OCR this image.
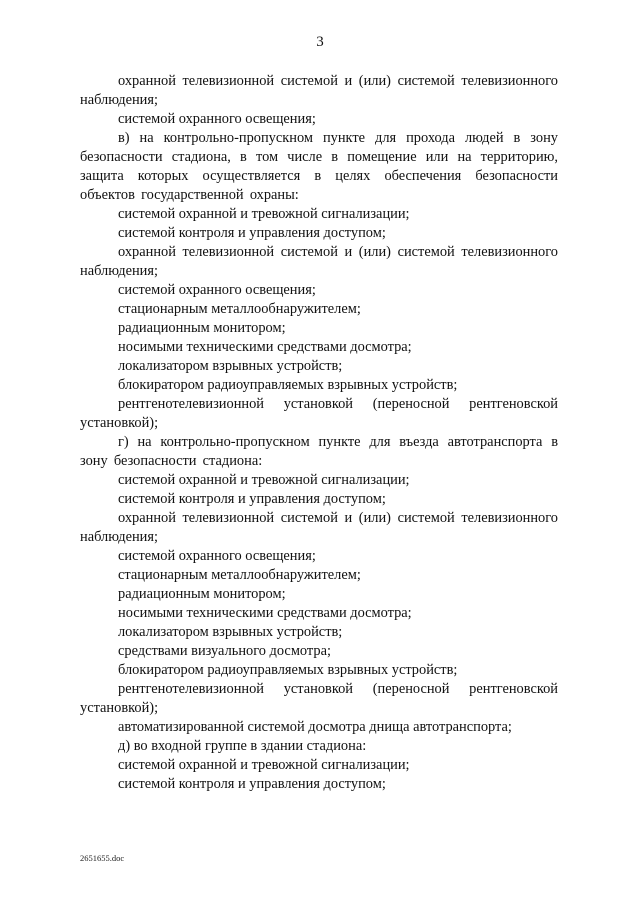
3

охранной телевизионной системой и (или) системой телевизионного наблюдения;

системой охранного освещения;

в) на контрольно-пропускном пункте для прохода людей в зону безопасности стадиона, в том числе в помещение или на территорию, защита которых осуществляется в целях обеспечения безопасности объектов государственной охраны:

системой охранной и тревожной сигнализации;

системой контроля и управления доступом;

охранной телевизионной системой и (или) системой телевизионного наблюдения;

системой охранного освещения;

стационарным металлообнаружителем;

радиационным монитором;

носимыми техническими средствами досмотра;

локализатором взрывных устройств;

блокиратором радиоуправляемых взрывных устройств;

рентгенотелевизионной установкой (переносной рентгеновской установкой);

г) на контрольно-пропускном пункте для въезда автотранспорта в зону безопасности стадиона:

системой охранной и тревожной сигнализации;

системой контроля и управления доступом;

охранной телевизионной системой и (или) системой телевизионного наблюдения;

системой охранного освещения;

стационарным металлообнаружителем;

радиационным монитором;

носимыми техническими средствами досмотра;

локализатором взрывных устройств;

средствами визуального досмотра;

блокиратором радиоуправляемых взрывных устройств;

рентгенотелевизионной установкой (переносной рентгеновской установкой);

автоматизированной системой досмотра днища автотранспорта;

д) во входной группе в здании стадиона:

системой охранной и тревожной сигнализации;

системой контроля и управления доступом;

2651655.doc
